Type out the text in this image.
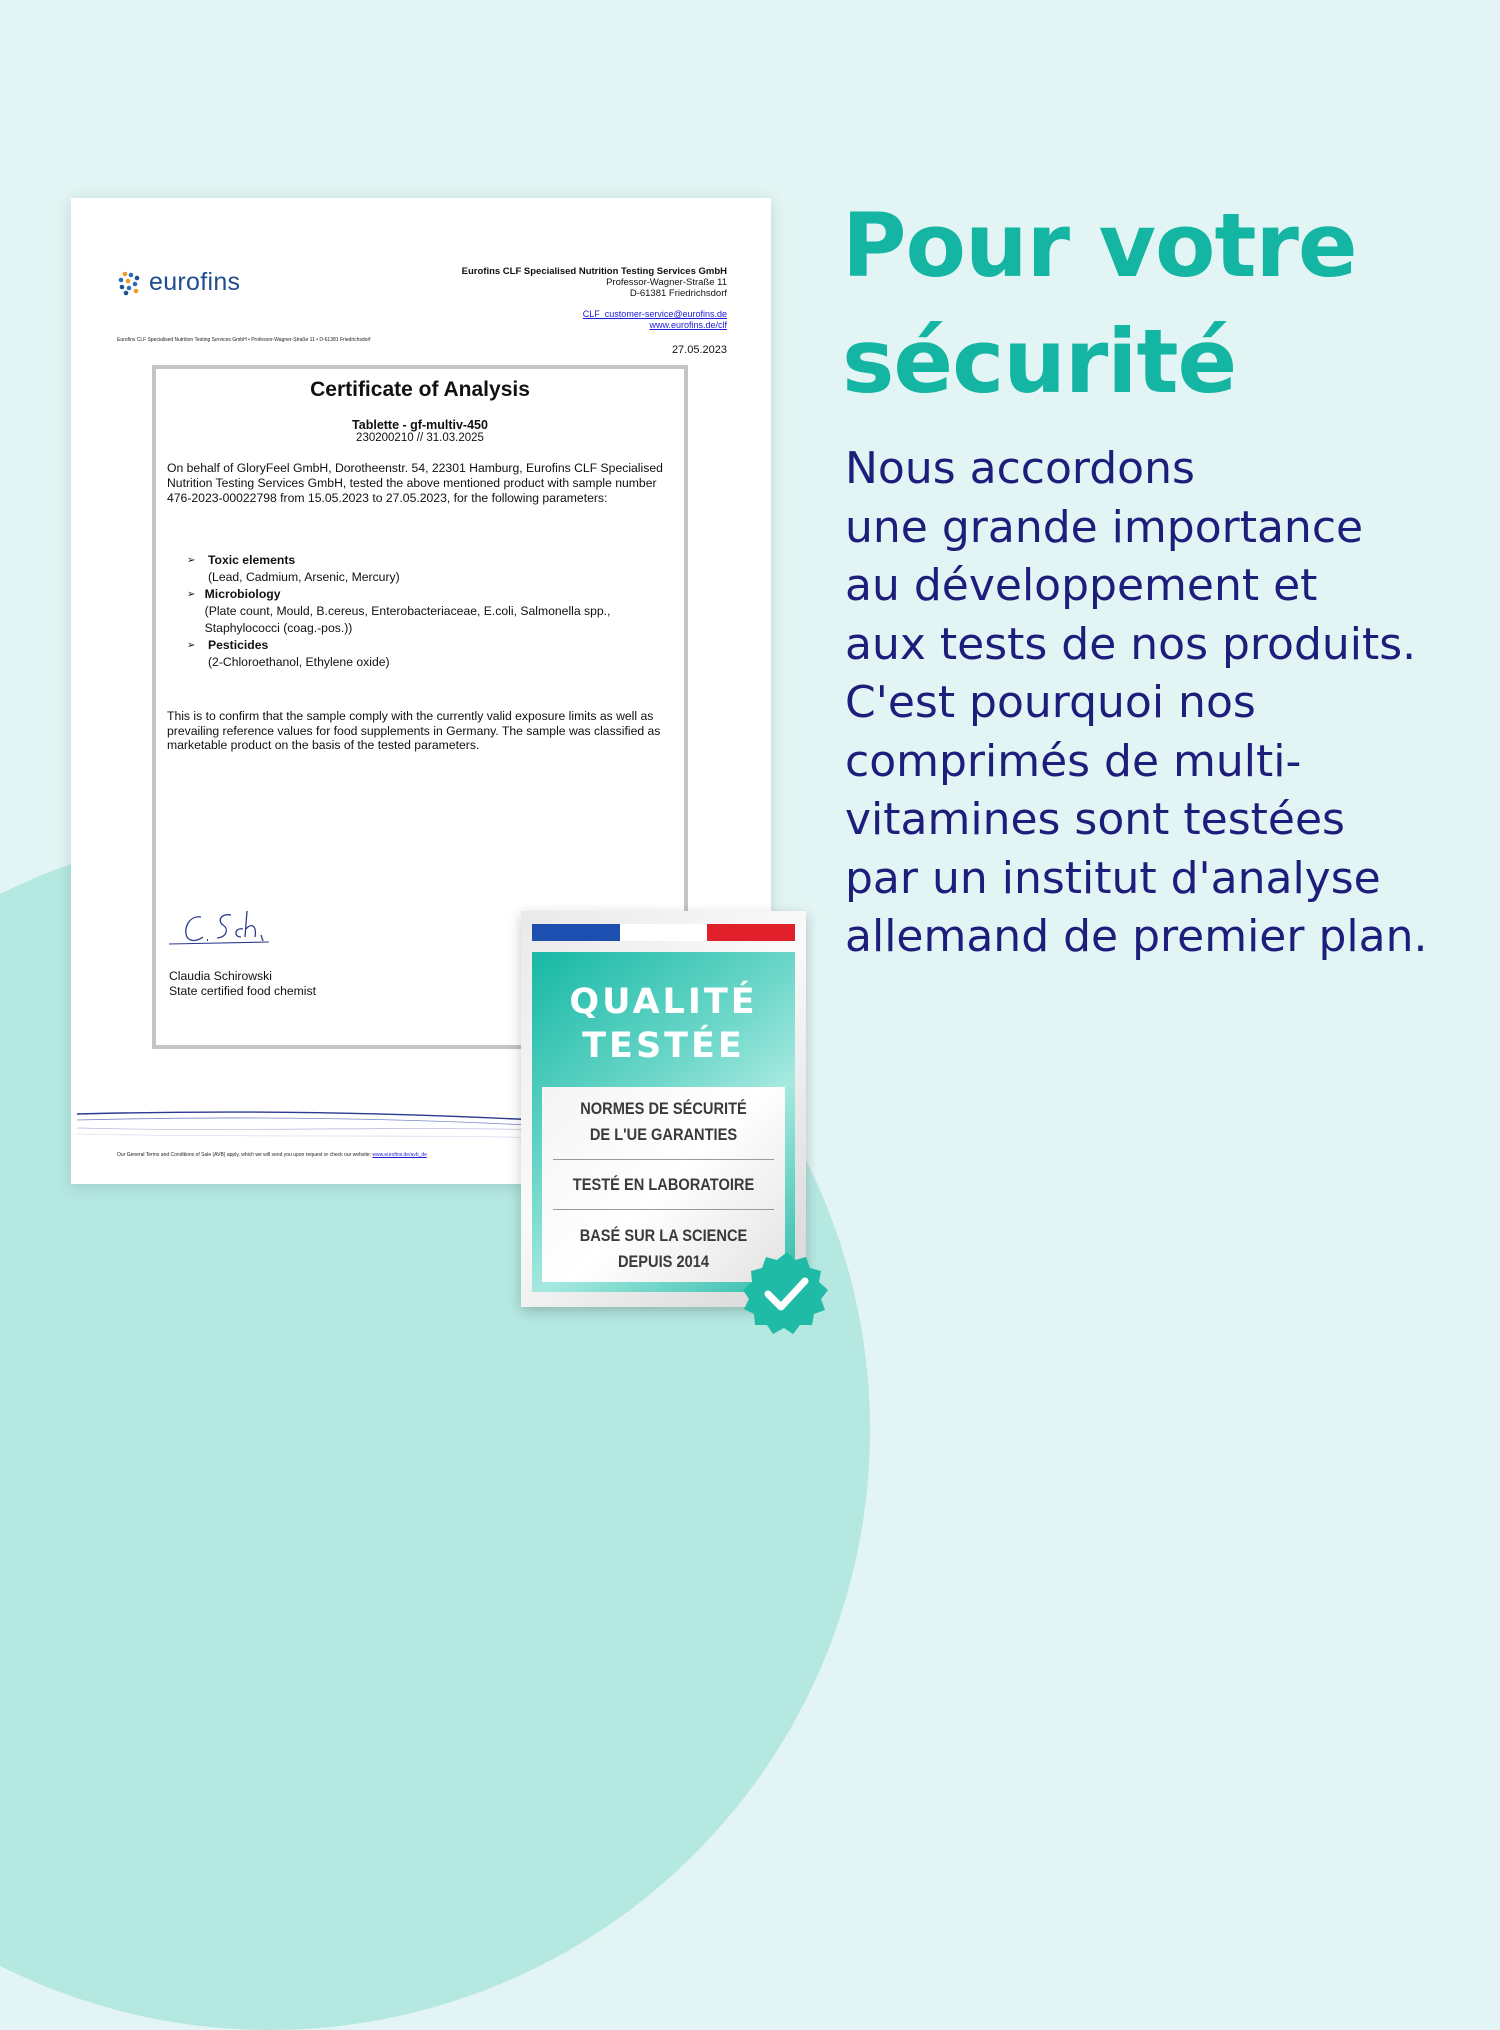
eurofins	Eurofins CLF Specialised Nutrition Testing Services GmbH
Professor-Wagner-Straße 11
D-61381 Friedrichsdorf
CLF_customer-service@eurofins.de
www.eurofins.de/clf
Eurofins CLF Specialised Nutrition Testing Services GmbH • Professor-Wagner-Straße 11 • D-61381 Friedrichsdorf
27.05.2023
Certificate of Analysis
Tablette - gf-multiv-450
230200210 // 31.03.2025
On behalf of GloryFeel GmbH, Dorotheenstr. 54, 22301 Hamburg, Eurofins CLF Specialised Nutrition Testing Services GmbH, tested the above mentioned product with sample number 476-2023-00022798 from 15.05.2023 to 27.05.2023, for the following parameters:
➢	Toxic elements
(Lead, Cadmium, Arsenic, Mercury)
➢ Microbiology
(Plate count, Mould, B.cereus, Enterobacteriaceae, E.coli, Salmonella spp., Staphylococci (coag.-pos.))
➢	Pesticides
(2-Chloroethanol, Ethylene oxide)
This is to confirm that the sample comply with the currently valid exposure limits as well as prevailing reference values for food supplements in Germany. The sample was classified as marketable product on the basis of the tested parameters.
Claudia Schirowski
State certified food chemist
Our General Terms and Conditions of Sale (AVB) apply, which we will send you upon request or check our website: www.eurofins.de/avb_de
QUALITÉ
TESTÉE
NORMES DE SÉCURITÉ
DE L'UE GARANTIES
TESTÉ EN LABORATOIRE
BASÉ SUR LA SCIENCE
DEPUIS 2014
Pour votre
sécurité
Nous accordons
une grande importance
au développement et
aux tests de nos produits.
C'est pourquoi nos
comprimés de multi-
vitamines sont testées
par un institut d'analyse
allemand de premier plan.
